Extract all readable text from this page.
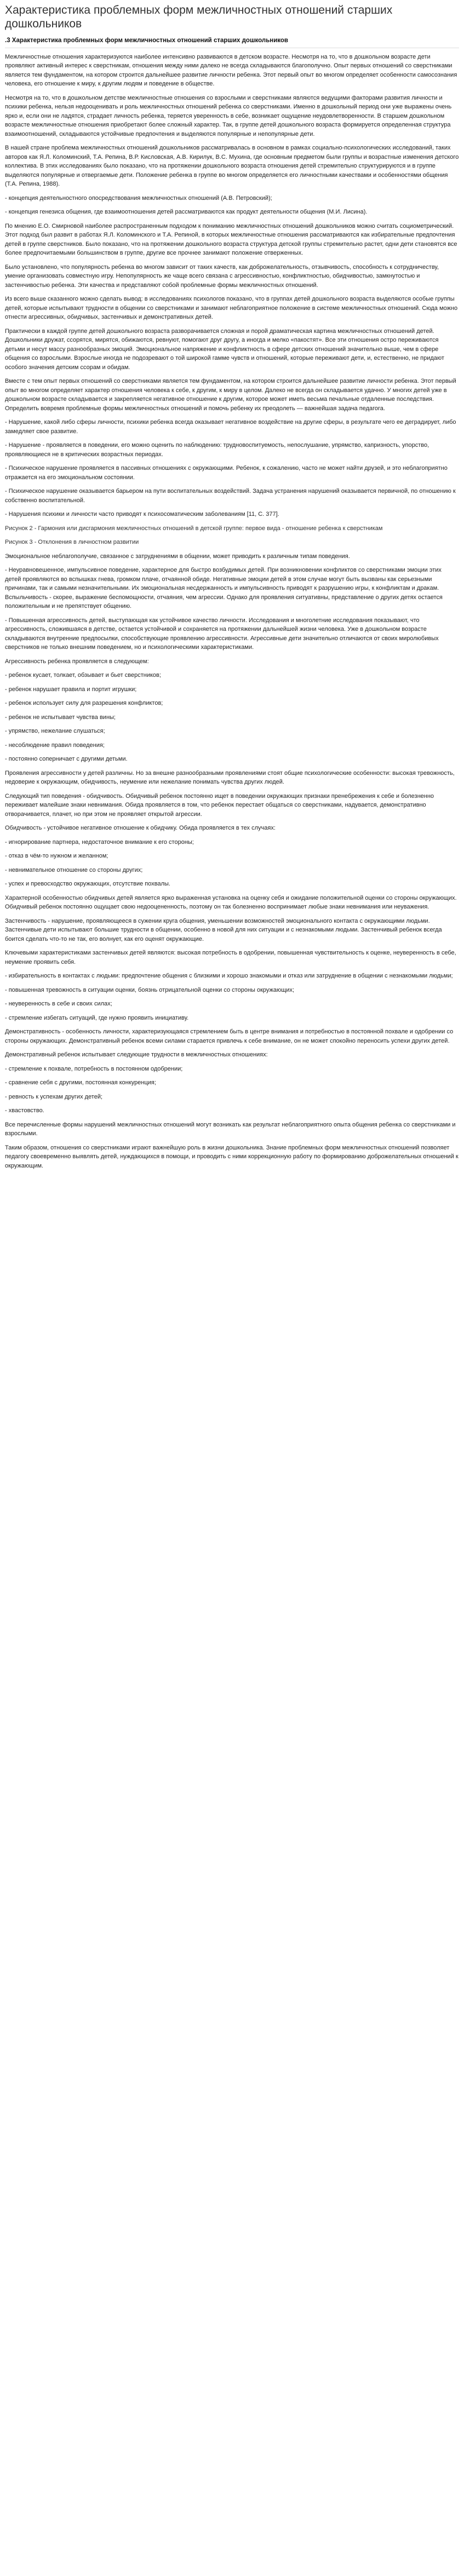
Характеристика проблемных форм межличностных отношений старших дошкольников
.3 Характеристика проблемных форм межличностных отношений старших дошкольников

Межличностные отношения характеризуются наиболее интенсивно развиваются в детском возрасте. Несмотря на то, что в дошкольном возрасте дети проявляют активный интерес к сверстникам, отношения между ними далеко не всегда складываются благополучно. Опыт первых отношений со сверстниками является тем фундаментом, на котором строится дальнейшее развитие личности ребенка. Этот первый опыт во многом определяет особенности самосознания человека, его отношение к миру, к другим людям и поведение в обществе.

Несмотря на то, что в дошкольном детстве межличностные отношения со взрослыми и сверстниками являются ведущими факторами развития личности и психики ребенка, нельзя недооценивать и роль межличностных отношений ребенка со сверстниками. Именно в дошкольный период они уже выражены очень ярко и, если они не ладятся, страдает личность ребенка, теряется уверенность в себе, возникает ощущение неудовлетворенности. В старшем дошкольном возрасте межличностные отношения приобретают более сложный характер. Так, в группе детей дошкольного возраста формируется определенная структура взаимоотношений, складываются устойчивые предпочтения и выделяются популярные и непопулярные дети.

В нашей стране проблема межличностных отношений дошкольников рассматривалась в основном в рамках социально-психологических исследований, таких авторов как Я.Л. Коломинский, Т.А. Репина, В.Р. Кисловская, А.В. Кирилук, В.С. Мухина, где основным предметом были группы и возрастные изменения детского коллектива. В этих исследованиях было показано, что на протяжении дошкольного возраста отношения детей стремительно структурируются и в группе выделяются популярные и отвергаемые дети. Положение ребенка в группе во многом определяется его личностными качествами и особенностями общения (Т.А. Репина, 1988).

- концепция деятельностного опосредствования межличностных отношений (А.В. Петровский);

- концепция генезиса общения, где взаимоотношения детей рассматриваются как продукт деятельности общения (М.И. Лисина).

По мнению Е.О. Смирновой наиболее распространенным подходом к пониманию межличностных отношений дошкольников можно считать социометрический. Этот подход был развит в работах Я.Л. Коломинского и Т.А. Репиной, в которых межличностные отношения рассматриваются как избирательные предпочтения детей в группе сверстников. Было показано, что на протяжении дошкольного возраста структура детской группы стремительно растет, одни дети становятся все более предпочитаемыми большинством в группе, другие все прочнее занимают положение отверженных.

Было установлено, что популярность ребенка во многом зависит от таких качеств, как доброжелательность, отзывчивость, способность к сотрудничеству, умение организовать совместную игру. Непопулярность же чаще всего связана с агрессивностью, конфликтностью, обидчивостью, замкнутостью и застенчивостью ребенка. Эти качества и представляют собой проблемные формы межличностных отношений.

Из всего выше сказанного можно сделать вывод: в исследованиях психологов показано, что в группах детей дошкольного возраста выделяются особые группы детей, которые испытывают трудности в общении со сверстниками и занимают неблагоприятное положение в системе межличностных отношений. Сюда можно отнести агрессивных, обидчивых, застенчивых и демонстративных детей.

Практически в каждой группе детей дошкольного возраста разворачивается сложная и порой драматическая картина межличностных отношений детей. Дошкольники дружат, ссорятся, мирятся, обижаются, ревнуют, помогают друг другу, а иногда и мелко «пакостят». Все эти отношения остро переживаются детьми и несут массу разнообразных эмоций. Эмоциональное напряжение и конфликтность в сфере детских отношений значительно выше, чем в сфере общения со взрослыми. Взрослые иногда не подозревают о той широкой гамме чувств и отношений, которые переживают дети, и, естественно, не придают особого значения детским ссорам и обидам.

Вместе с тем опыт первых отношений со сверстниками является тем фундаментом, на котором строится дальнейшее развитие личности ребенка. Этот первый опыт во многом определяет характер отношения человека к себе, к другим, к миру в целом. Далеко не всегда он складывается удачно. У многих детей уже в дошкольном возрасте складывается и закрепляется негативное отношение к другим, которое может иметь весьма печальные отдаленные последствия. Определить вовремя проблемные формы межличностных отношений и помочь ребенку их преодолеть — важнейшая задача педагога.

- Нарушение, какой либо сферы личности, психики ребенка всегда оказывает негативное воздействие на другие сферы, в результате чего ее деградирует, либо замедляет свое развитие.

- Нарушение - проявляется в поведении, его можно оценить по наблюдению: трудновоспитуемость, непослушание, упрямство, капризность, упорство, проявляющиеся не в критических возрастных периодах.

- Психическое нарушение проявляется в пассивных отношениях с окружающими. Ребенок, к сожалению, часто не может найти друзей, и это неблагоприятно отражается на его эмоциональном состоянии.

- Психическое нарушение оказывается барьером на пути воспитательных воздействий. Задача устранения нарушений оказывается первичной, по отношению к собственно воспитательной.

- Нарушения психики и личности часто приводят к психосоматическим заболеваниям [11, С. 377].

Рисунок 2 - Гармония или дисгармония межличностных отношений в детской группе: первое вида - отношение ребенка к сверстникам

Рисунок 3 - Отклонения в личностном развитии

Эмоциональное неблагополучие, связанное с затруднениями в общении, может приводить к различным типам поведения.

- Неуравновешенное, импульсивное поведение, характерное для быстро возбудимых детей. При возникновении конфликтов со сверстниками эмоции этих детей проявляются во вспышках гнева, громком плаче, отчаянной обиде. Негативные эмоции детей в этом случае могут быть вызваны как серьезными причинами, так и самыми незначительными. Их эмоциональная несдержанность и импульсивность приводят к разрушению игры, к конфликтам и дракам. Вспыльчивость - скорее, выражение беспомощности, отчаяния, чем агрессии. Однако для проявления ситуативны, представление о других детях остается положительным и не препятствует общению.

- Повышенная агрессивность детей, выступающая как устойчивое качество личности. Исследования и многолетние исследования показывают, что агрессивность, сложившаяся в детстве, остается устойчивой и сохраняется на протяжении дальнейшей жизни человека. Уже в дошкольном возрасте складываются внутренние предпосылки, способствующие проявлению агрессивности. Агрессивные дети значительно отличаются от своих миролюбивых сверстников не только внешним поведением, но и психологическими характеристиками.

Агрессивность ребенка проявляется в следующем:

- ребенок кусает, толкает, обзывает и бьет сверстников;

- ребенок нарушает правила и портит игрушки;

- ребенок использует силу для разрешения конфликтов;

- ребенок не испытывает чувства вины;

- упрямство, нежелание слушаться;

- несоблюдение правил поведения;

- постоянно соперничает с другими детьми.

Проявления агрессивности у детей различны. Но за внешне разнообразными проявлениями стоят общие психологические особенности: высокая тревожность, недоверие к окружающим, обидчивость, неумение или нежелание понимать чувства других людей.

Следующий тип поведения - обидчивость. Обидчивый ребенок постоянно ищет в поведении окружающих признаки пренебрежения к себе и болезненно переживает малейшие знаки невнимания. Обида проявляется в том, что ребенок перестает общаться со сверстниками, надувается, демонстративно отворачивается, плачет, но при этом не проявляет открытой агрессии.

Обидчивость - устойчивое негативное отношение к обидчику. Обида проявляется в тех случаях:

- игнорирование партнера, недостаточное внимание к его стороны;

- отказ в чём-то нужном и желанном;

- невнимательное отношение со стороны других;

- успех и превосходство окружающих, отсутствие похвалы.

Характерной особенностью обидчивых детей является ярко выраженная установка на оценку себя и ожидание положительной оценки со стороны окружающих. Обидчивый ребенок постоянно ощущает свою недооцененность, поэтому он так болезненно воспринимает любые знаки невнимания или неуважения.

Застенчивость - нарушение, проявляющееся в сужении круга общения, уменьшении возможностей эмоционального контакта с окружающими людьми. Застенчивые дети испытывают большие трудности в общении, особенно в новой для них ситуации и с незнакомыми людьми. Застенчивый ребенок всегда боится сделать что-то не так, его волнует, как его оценят окружающие.

Ключевыми характеристиками застенчивых детей являются: высокая потребность в одобрении, повышенная чувствительность к оценке, неуверенность в себе, неумение проявить себя.

- избирательность в контактах с людьми: предпочтение общения с близкими и хорошо знакомыми и отказ или затруднение в общении с незнакомыми людьми;

- повышенная тревожность в ситуации оценки, боязнь отрицательной оценки со стороны окружающих;

- неуверенность в себе и своих силах;

- стремление избегать ситуаций, где нужно проявить инициативу.

Демонстративность - особенность личности, характеризующаяся стремлением быть в центре внимания и потребностью в постоянной похвале и одобрении со стороны окружающих. Демонстративный ребенок всеми силами старается привлечь к себе внимание, он не может спокойно переносить успехи других детей.

Демонстративный ребенок испытывает следующие трудности в межличностных отношениях:

- стремление к похвале, потребность в постоянном одобрении;

- сравнение себя с другими, постоянная конкуренция;

- ревность к успехам других детей;

- хвастовство.

Все перечисленные формы нарушений межличностных отношений могут возникать как результат неблагоприятного опыта общения ребенка со сверстниками и взрослыми.

Таким образом, отношения со сверстниками играют важнейшую роль в жизни дошкольника. Знание проблемных форм межличностных отношений позволяет педагогу своевременно выявлять детей, нуждающихся в помощи, и проводить с ними коррекционную работу по формированию доброжелательных отношений к окружающим.
